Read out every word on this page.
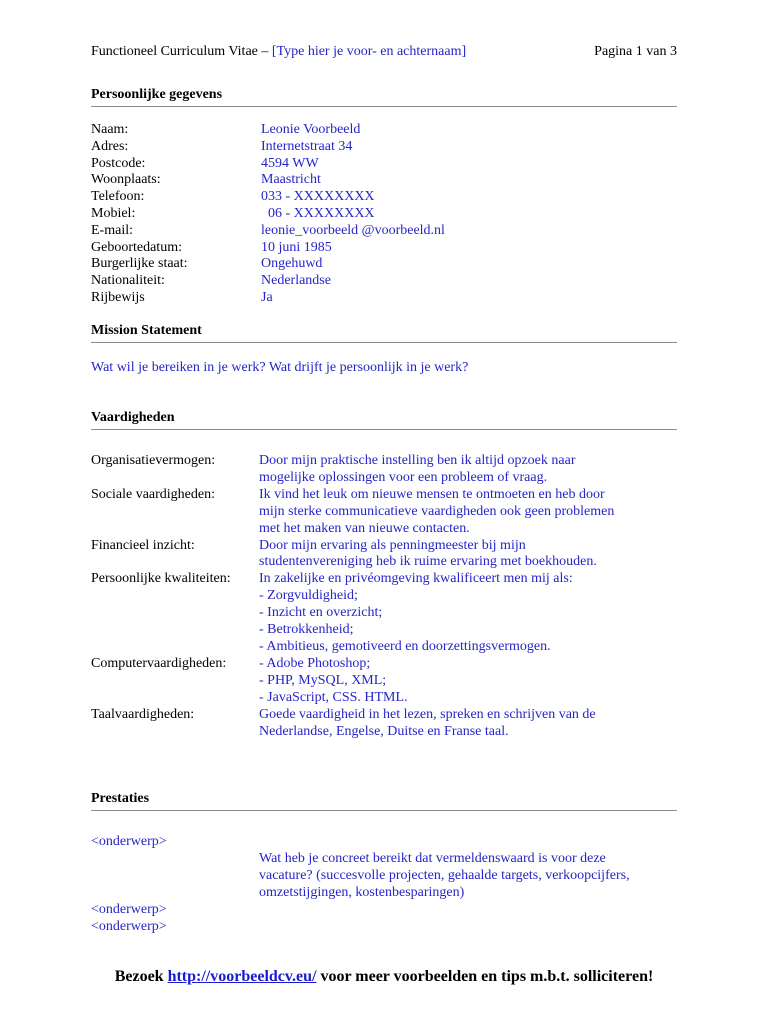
Functioneel Curriculum Vitae – [Type hier je voor- en achternaam]	Pagina 1 van 3
Persoonlijke gegevens
Naam:	Leonie Voorbeeld
Adres:	Internetstraat 34
Postcode:	4594 WW
Woonplaats:	Maastricht
Telefoon:	033 - XXXXXXXX
Mobiel:	06 - XXXXXXXX
E-mail:	leonie_voorbeeld @voorbeeld.nl
Geboortedatum:	10 juni 1985
Burgerlijke staat:	Ongehuwd
Nationaliteit:	Nederlandse
Rijbewijs	Ja
Mission Statement
Wat wil je bereiken in je werk? Wat drijft je persoonlijk in je werk?
Vaardigheden
Organisatievermogen:	Door mijn praktische instelling ben ik altijd opzoek naar
mogelijke oplossingen voor een probleem of vraag.
Sociale vaardigheden:	Ik vind het leuk om nieuwe mensen te ontmoeten en heb door
mijn sterke communicatieve vaardigheden ook geen problemen
met het maken van nieuwe contacten.
Financieel inzicht:	Door mijn ervaring als penningmeester bij mijn
studentenvereniging heb ik ruime ervaring met boekhouden.
Persoonlijke kwaliteiten:	In zakelijke en privéomgeving kwalificeert men mij als:
- Zorgvuldigheid;
- Inzicht en overzicht;
- Betrokkenheid;
- Ambitieus, gemotiveerd en doorzettingsvermogen.
Computervaardigheden:	- Adobe Photoshop;
- PHP, MySQL, XML;
- JavaScript, CSS. HTML.
Taalvaardigheden:	Goede vaardigheid in het lezen, spreken en schrijven van de
Nederlandse, Engelse, Duitse en Franse taal.
Prestaties
<onderwerp>
Wat heb je concreet bereikt dat vermeldenswaard is voor deze
vacature? (succesvolle projecten, gehaalde targets, verkoopcijfers,
omzetstijgingen, kostenbesparingen)
<onderwerp>
<onderwerp>
Bezoek http://voorbeeldcv.eu/ voor meer voorbeelden en tips m.b.t. solliciteren!
